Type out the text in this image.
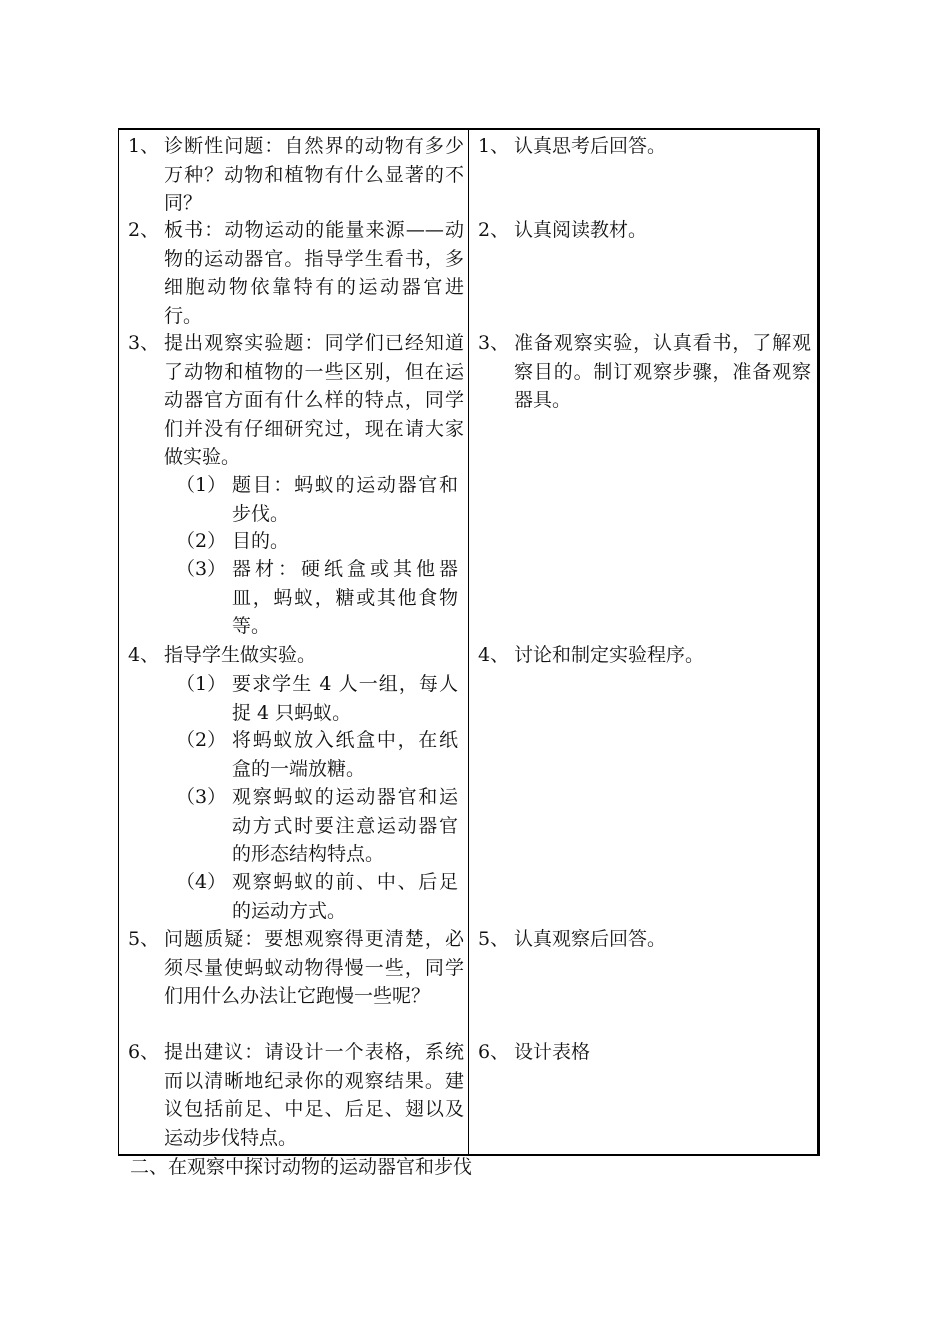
1、 诊断性问题：自然界的动物有多少万种？动物和植物有什么显著的不同？
2、 板书：动物运动的能量来源——动物的运动器官。指导学生看书，多细胞动物依靠特有的运动器官进行。
3、 提出观察实验题：同学们已经知道了动物和植物的一些区别，但在运动器官方面有什么样的特点，同学们并没有仔细研究过，现在请大家做实验。
（1） 题目：蚂蚁的运动器官和步伐。
（2） 目的。
（3） 器材：硬纸盒或其他器皿，蚂蚁，糖或其他食物等。
4、 指导学生做实验。
（1） 要求学生 4 人一组，每人捉 4 只蚂蚁。
（2） 将蚂蚁放入纸盒中，在纸盒的一端放糖。
（3） 观察蚂蚁的运动器官和运动方式时要注意运动器官的形态结构特点。
（4） 观察蚂蚁的前、中、后足的运动方式。
5、 问题质疑：要想观察得更清楚，必须尽量使蚂蚁动物得慢一些，同学们用什么办法让它跑慢一些呢？
6、 提出建议：请设计一个表格，系统而以清晰地纪录你的观察结果。建议包括前足、中足、后足、翅以及运动步伐特点。
1、 认真思考后回答。
2、 认真阅读教材。
3、 准备观察实验，认真看书，了解观察目的。制订观察步骤，准备观察器具。
4、 讨论和制定实验程序。
5、 认真观察后回答。
6、 设计表格
二、在观察中探讨动物的运动器官和步伐
